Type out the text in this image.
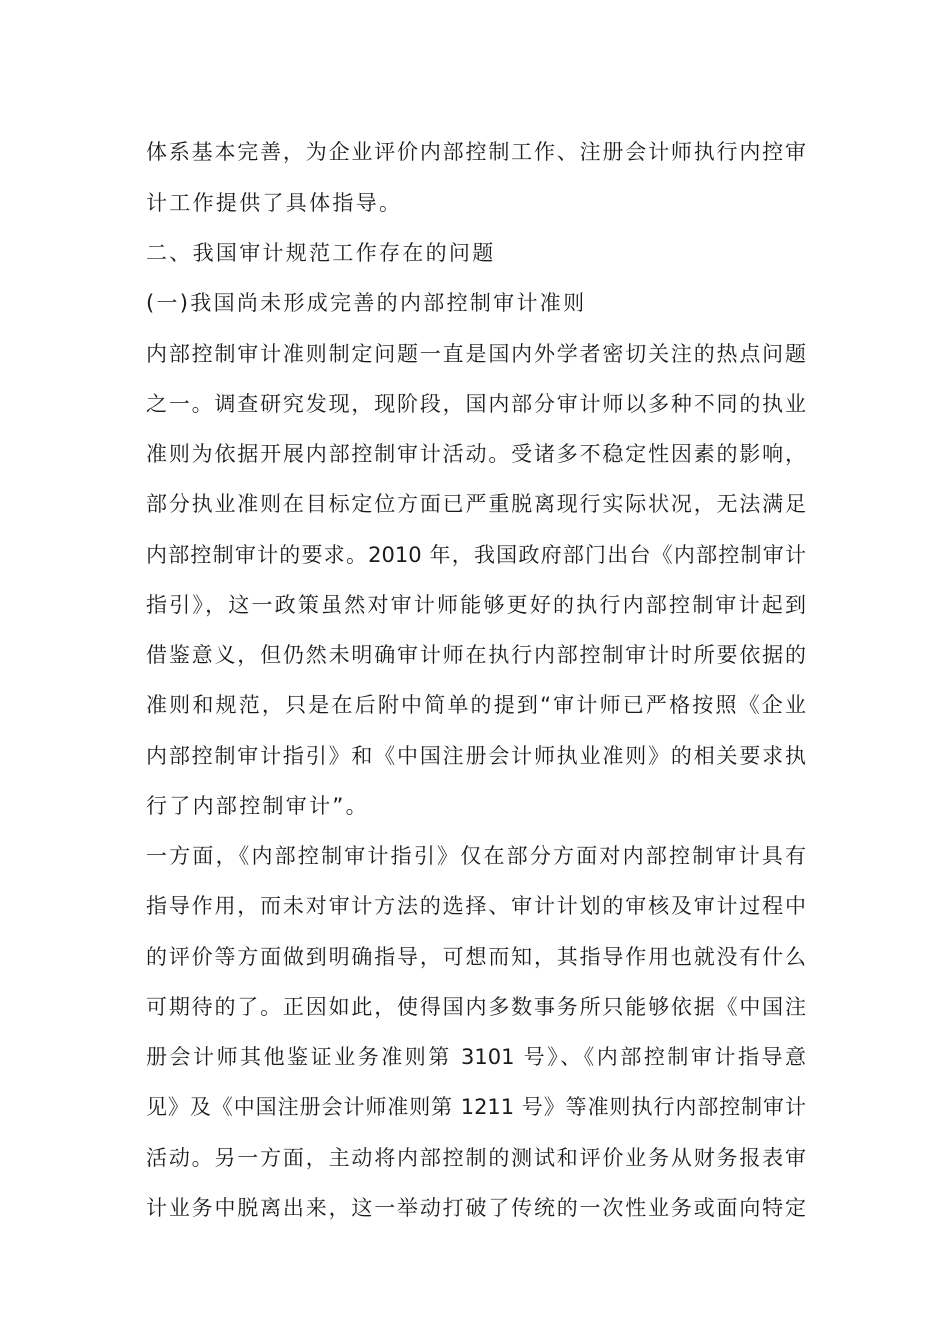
体系基本完善，为企业评价内部控制工作、注册会计师执行内控审
计工作提供了具体指导。
二、我国审计规范工作存在的问题
(一)我国尚未形成完善的内部控制审计准则
内部控制审计准则制定问题一直是国内外学者密切关注的热点问题
之一。调查研究发现，现阶段，国内部分审计师以多种不同的执业
准则为依据开展内部控制审计活动。受诸多不稳定性因素的影响，
部分执业准则在目标定位方面已严重脱离现行实际状况，无法满足
内部控制审计的要求。2010 年，我国政府部门出台《内部控制审计
指引》，这一政策虽然对审计师能够更好的执行内部控制审计起到
借鉴意义，但仍然未明确审计师在执行内部控制审计时所要依据的
准则和规范，只是在后附中简单的提到“审计师已严格按照《企业
内部控制审计指引》和《中国注册会计师执业准则》的相关要求执
行了内部控制审计”。
一方面，《内部控制审计指引》仅在部分方面对内部控制审计具有
指导作用，而未对审计方法的选择、审计计划的审核及审计过程中
的评价等方面做到明确指导，可想而知，其指导作用也就没有什么
可期待的了。正因如此，使得国内多数事务所只能够依据《中国注
册会计师其他鉴证业务准则第 3101 号》、《内部控制审计指导意
见》及《中国注册会计师准则第 1211 号》等准则执行内部控制审计
活动。另一方面，主动将内部控制的测试和评价业务从财务报表审
计业务中脱离出来，这一举动打破了传统的一次性业务或面向特定
